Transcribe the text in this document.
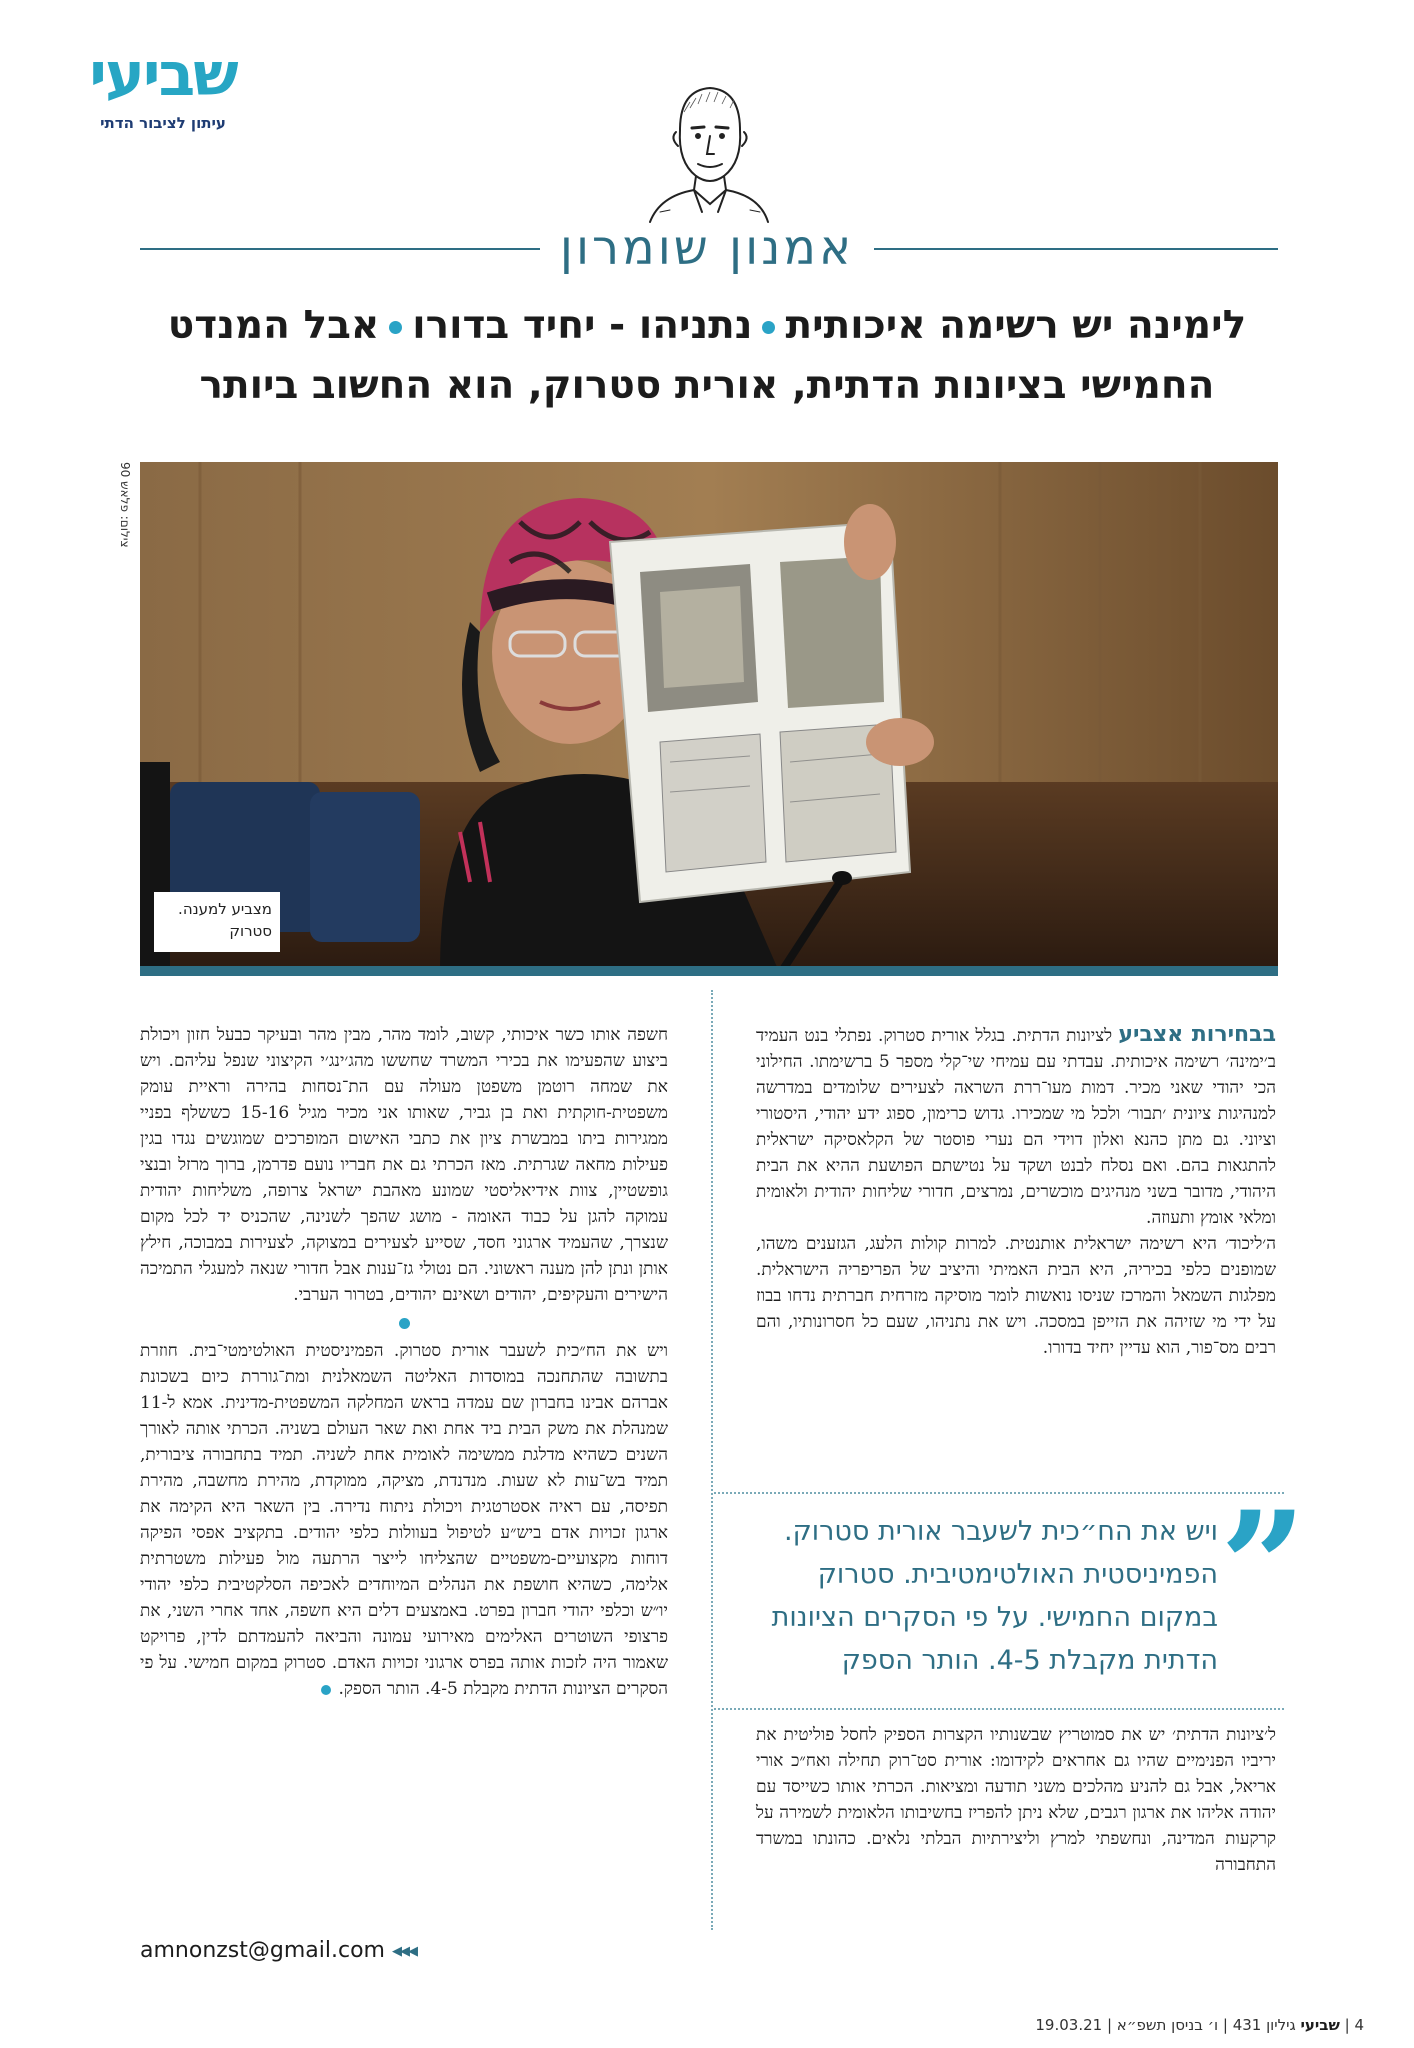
שביעי
עיתון לציבור הדתי
אמנון שומרון
לימינה יש רשימה איכותיתנתניהו - יחיד בדורואבל המנדט החמישי בציונות הדתית, אורית סטרוק, הוא החשוב ביותר
צילום: פלאש 90
מצביע למענה.
סטרוק

בבחירות אצביע לציונות הדתית. בגלל אורית סטרוק. נפתלי בנט העמיד ב׳ימינה׳ רשימה איכותית. עבדתי עם עמיחי שי־קלי מספר 5 ברשימתו. החילוני הכי יהודי שאני מכיר. דמות מעו־ררת השראה לצעירים שלומדים במדרשה למנהיגות ציונית ׳תבור׳ ולכל מי שמכירו. גדוש כרימון, ספוג ידע יהודי, היסטורי וציוני. גם מתן כהנא ואלון דוידי הם נערי פוסטר של הקלאסיקה ישראלית להתגאות בהם. ואם נסלח לבנט ושקד על נטישתם הפושעת ההיא את הבית היהודי, מדובר בשני מנהיגים מוכשרים, נמרצים, חדורי שליחות יהודית ולאומית ומלאי אומץ ותעוזה.

ה׳ליכוד׳ היא רשימה ישראלית אותנטית. למרות קולות הלעג, הגזענים משהו, שמופנים כלפי בכיריה, היא הבית האמיתי והיציב של הפריפריה הישראלית. מפלגות השמאל והמרכז שניסו נואשות לומר מוסיקה מזרחית חברתית נדחו בבוז על ידי מי שזיהה את הזייפן במסכה. ויש את נתניהו, שעם כל חסרונותיו, והם רבים מס־פור, הוא עדיין יחיד בדורו.

”
ויש את הח״כית לשעבר אורית סטרוק. הפמיניסטית האולטימטיבית. סטרוק במקום החמישי. על פי הסקרים הציונות הדתית מקבלת 4-5. הותר הספק

ל׳ציונות הדתית׳ יש את סמוטריץ שבשנותיו הקצרות הספיק לחסל פוליטית את יריביו הפנימיים שהיו גם אחראים לקידומו: אורית סט־רוק תחילה ואח״כ אורי אריאל, אבל גם להניע מהלכים משני תודעה ומציאות. הכרתי אותו כשייסד עם יהודה אליהו את ארגון רגבים, שלא ניתן להפריז בחשיבותו הלאומית לשמירה על קרקעות המדינה, ונחשפתי למרץ וליצירתיות הבלתי נלאים. כהונתו במשרד התחבורה

חשפה אותו כשר איכותי, קשוב, לומד מהר, מבין מהר ובעיקר כבעל חזון ויכולת ביצוע שהפעימו את בכירי המשרד שחששו מהג׳ינג׳י הקיצוני שנפל עליהם. ויש את שמחה רוטמן משפטן מעולה עם הת־נסחות בהירה וראיית עומק משפטית-חוקתית ואת בן גביר, שאותו אני מכיר מגיל 15-16 כששלף בפניי ממגירות ביתו במבשרת ציון את כתבי האישום המופרכים שמוגשים נגדו בגין פעילות מחאה שגרתית. מאז הכרתי גם את חבריו נועם פדרמן, ברוך מרזל ובנצי גופשטיין, צוות אידיאליסטי שמונע מאהבת ישראל צרופה, משליחות יהודית עמוקה להגן על כבוד האומה - מושג שהפך לשנינה, שהכניס יד לכל מקום שנצרך, שהעמיד ארגוני חסד, שסייע לצעירים במצוקה, לצעירות במבוכה, חילץ אותן ונתן להן מענה ראשוני. הם נטולי גז־ענות אבל חדורי שנאה למעגלי התמיכה הישירים והעקיפים, יהודים ושאינם יהודים, בטרור הערבי.

ויש את הח״כית לשעבר אורית סטרוק. הפמיניסטית האולטימטי־בית. חוזרת בתשובה שהתחנכה במוסדות האליטה השמאלנית ומת־גוררת כיום בשכונת אברהם אבינו בחברון שם עמדה בראש המחלקה המשפטית-מדינית. אמא ל-11 שמנהלת את משק הבית ביד אחת ואת שאר העולם בשניה. הכרתי אותה לאורך השנים כשהיא מדלגת ממשימה לאומית אחת לשניה. תמיד בתחבורה ציבורית, תמיד בש־עות לא שעות. מנדנדת, מציקה, ממוקדת, מהירת מחשבה, מהירת תפיסה, עם ראיה אסטרטגית ויכולת ניתוח נדירה. בין השאר היא הקימה את ארגון זכויות אדם ביש״ע לטיפול בעוולות כלפי יהודים. בתקציב אפסי הפיקה דוחות מקצועיים-משפטיים שהצליחו לייצר הרתעה מול פעילות משטרתית אלימה, כשהיא חושפת את הנהלים המיוחדים לאכיפה הסלקטיבית כלפי יהודי יו״ש וכלפי יהודי חברון בפרט. באמצעים דלים היא חשפה, אחד אחרי השני, את פרצופי השוטרים האלימים מאירועי עמונה והביאה להעמדתם לדין, פרויקט שאמור היה לזכות אותה בפרס ארגוני זכויות האדם. סטרוק במקום חמישי. על פי הסקרים הציונות הדתית מקבלת 4-5. הותר הספק.

amnonzst@gmail.com ◀◀◀
4 | שביעי גיליון 431 | ו׳ בניסן תשפ״א | 19.03.21
